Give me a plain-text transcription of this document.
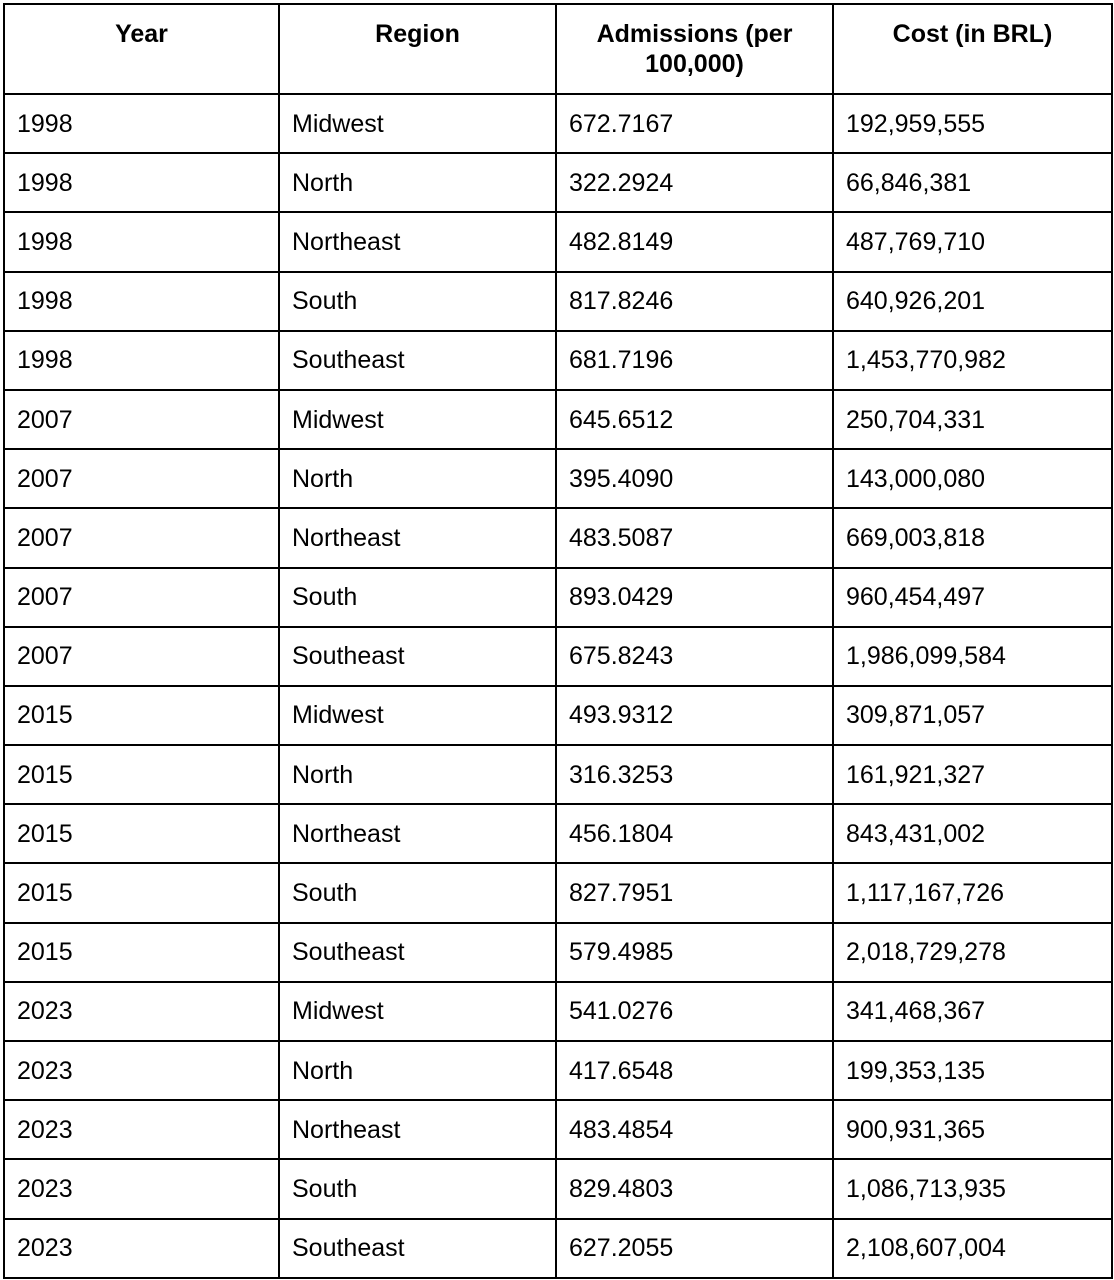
Year	Region	Admissions (per 100,000)	Cost (in BRL)
1998	Midwest	672.7167	192,959,555
1998	North	322.2924	66,846,381
1998	Northeast	482.8149	487,769,710
1998	South	817.8246	640,926,201
1998	Southeast	681.7196	1,453,770,982
2007	Midwest	645.6512	250,704,331
2007	North	395.4090	143,000,080
2007	Northeast	483.5087	669,003,818
2007	South	893.0429	960,454,497
2007	Southeast	675.8243	1,986,099,584
2015	Midwest	493.9312	309,871,057
2015	North	316.3253	161,921,327
2015	Northeast	456.1804	843,431,002
2015	South	827.7951	1,117,167,726
2015	Southeast	579.4985	2,018,729,278
2023	Midwest	541.0276	341,468,367
2023	North	417.6548	199,353,135
2023	Northeast	483.4854	900,931,365
2023	South	829.4803	1,086,713,935
2023	Southeast	627.2055	2,108,607,004
